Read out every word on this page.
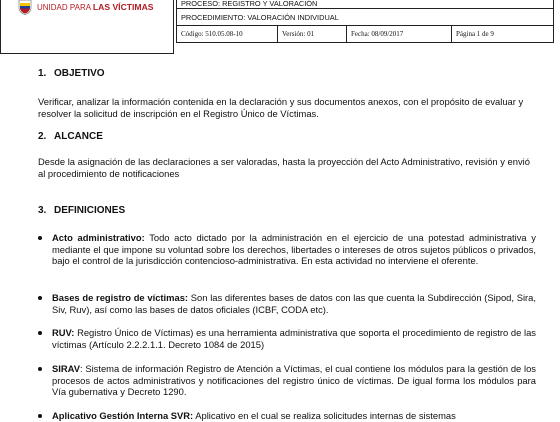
UNIDAD PARA LAS VÍCTIMAS	PROCESO: REGISTRO Y VALORACIÓN
PROCEDIMIENTO: VALORACIÓN INDIVIDUAL
Código: 510.05.08-10	Versión: 01	Fecha: 08/09/2017	Página 1 de 9
1. OBJETIVO
Verificar, analizar la información contenida en la declaración y sus documentos anexos, con el propósito de evaluar y resolver la solicitud de inscripción en el Registro Único de Víctimas.
2. ALCANCE
Desde la asignación de las declaraciones a ser valoradas, hasta la proyección del Acto Administrativo, revisión y envió al procedimiento de notificaciones
3. DEFINICIONES
Acto administrativo: Todo acto dictado por la administración en el ejercicio de una potestad administrativa y mediante el que impone su voluntad sobre los derechos, libertades o intereses de otros sujetos públicos o privados, bajo el control de la jurisdicción contencioso-administrativa. En esta actividad no interviene el oferente.
Bases de registro de víctimas: Son las diferentes bases de datos con las que cuenta la Subdirección (Sipod, Sira, Siv, Ruv), así como las bases de datos oficiales (ICBF, CODA etc).
RUV: Registro Único de Víctimas) es una herramienta administrativa que soporta el procedimiento de registro de las víctimas (Artículo 2.2.2.1.1. Decreto 1084 de 2015)
SIRAV: Sistema de información Registro de Atención a Víctimas, el cual contiene los módulos para la gestión de los procesos de actos administrativos y notificaciones del registro único de víctimas. De igual forma los módulos para Vía gubernativa y Decreto 1290.
Aplicativo Gestión Interna SVR: Aplicativo en el cual se realiza solicitudes internas de sistemas
